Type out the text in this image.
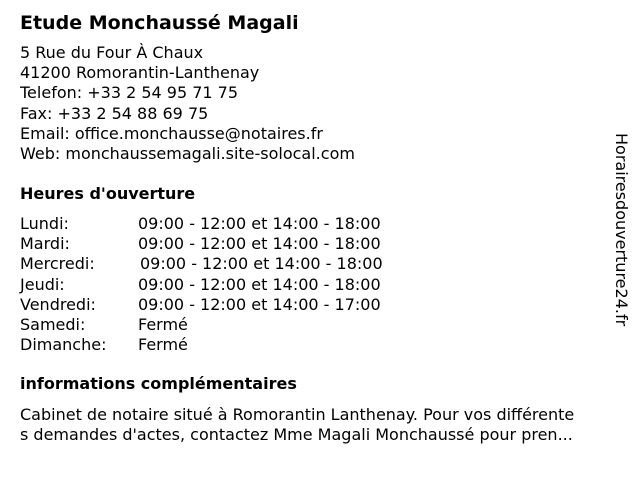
Etude Monchaussé Magali
5 Rue du Four À Chaux
41200 Romorantin-Lanthenay
Telefon: +33 2 54 95 71 75
Fax: +33 2 54 88 69 75
Email: office.monchausse@notaires.fr
Web: monchaussemagali.site-solocal.com
Heures d'ouverture
Lundi:	09:00 - 12:00 et 14:00 - 18:00
Mardi:	09:00 - 12:00 et 14:00 - 18:00
Mercredi:	09:00 - 12:00 et 14:00 - 18:00
Jeudi:	09:00 - 12:00 et 14:00 - 18:00
Vendredi:	09:00 - 12:00 et 14:00 - 17:00
Samedi:	Fermé
Dimanche: Fermé
informations complémentaires
Cabinet de notaire situé à Romorantin Lanthenay. Pour vos différente
s demandes d'actes, contactez Mme Magali Monchaussé pour pren...
Horairesdouverture24.fr
